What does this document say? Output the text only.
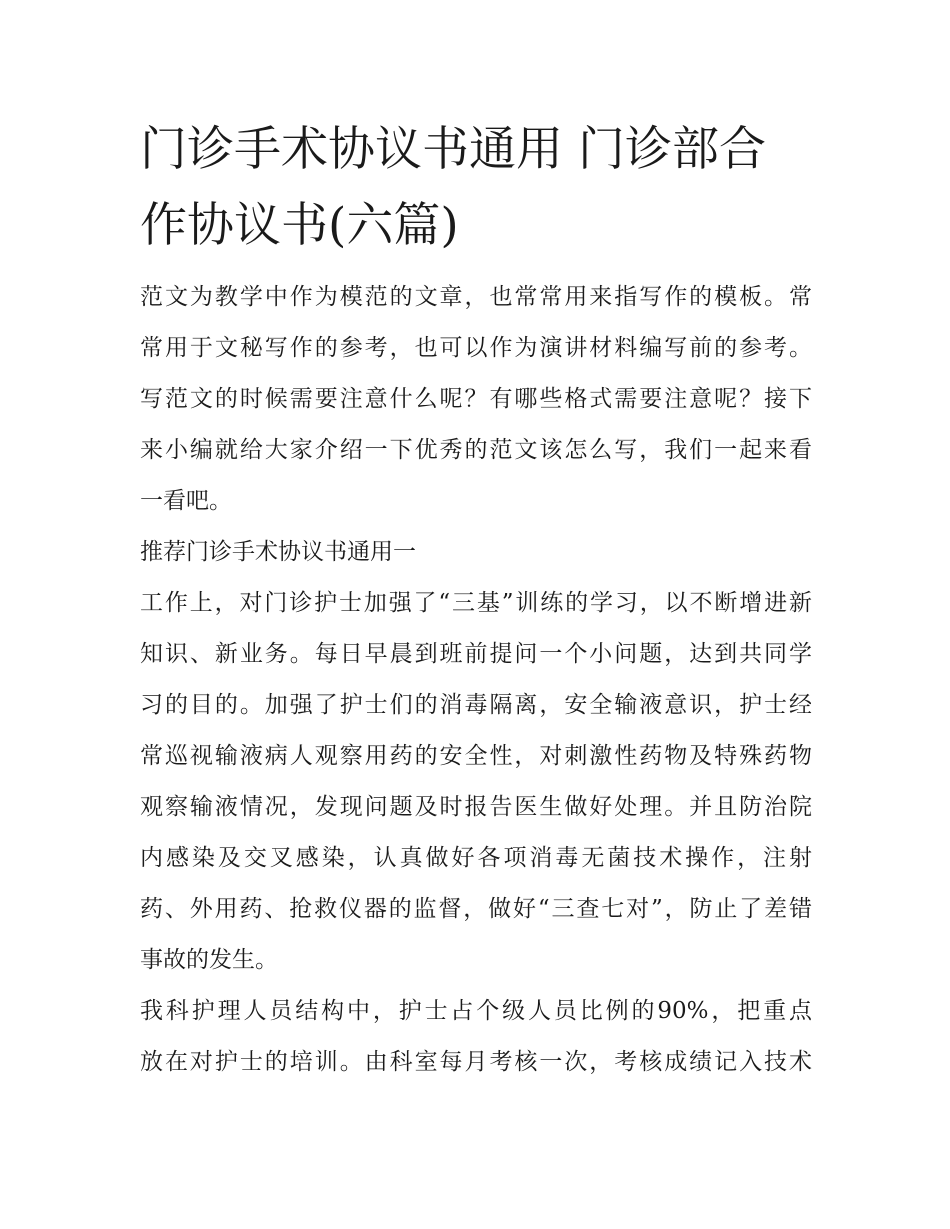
门诊手术协议书通用 门诊部合
作协议书(六篇)
范文为教学中作为模范的文章，也常常用来指写作的模板。常
常用于文秘写作的参考，也可以作为演讲材料编写前的参考。
写范文的时候需要注意什么呢？有哪些格式需要注意呢？接下
来小编就给大家介绍一下优秀的范文该怎么写，我们一起来看
一看吧。
推荐门诊手术协议书通用一
工作上，对门诊护士加强了“三基”训练的学习，以不断增进新
知识、新业务。每日早晨到班前提问一个小问题，达到共同学
习的目的。加强了护士们的消毒隔离，安全输液意识，护士经
常巡视输液病人观察用药的安全性，对刺激性药物及特殊药物
观察输液情况，发现问题及时报告医生做好处理。并且防治院
内感染及交叉感染，认真做好各项消毒无菌技术操作，注射
药、外用药、抢救仪器的监督，做好“三查七对”，防止了差错
事故的发生。
我科护理人员结构中，护士占个级人员比例的90%，把重点
放在对护士的培训。由科室每月考核一次，考核成绩记入技术
